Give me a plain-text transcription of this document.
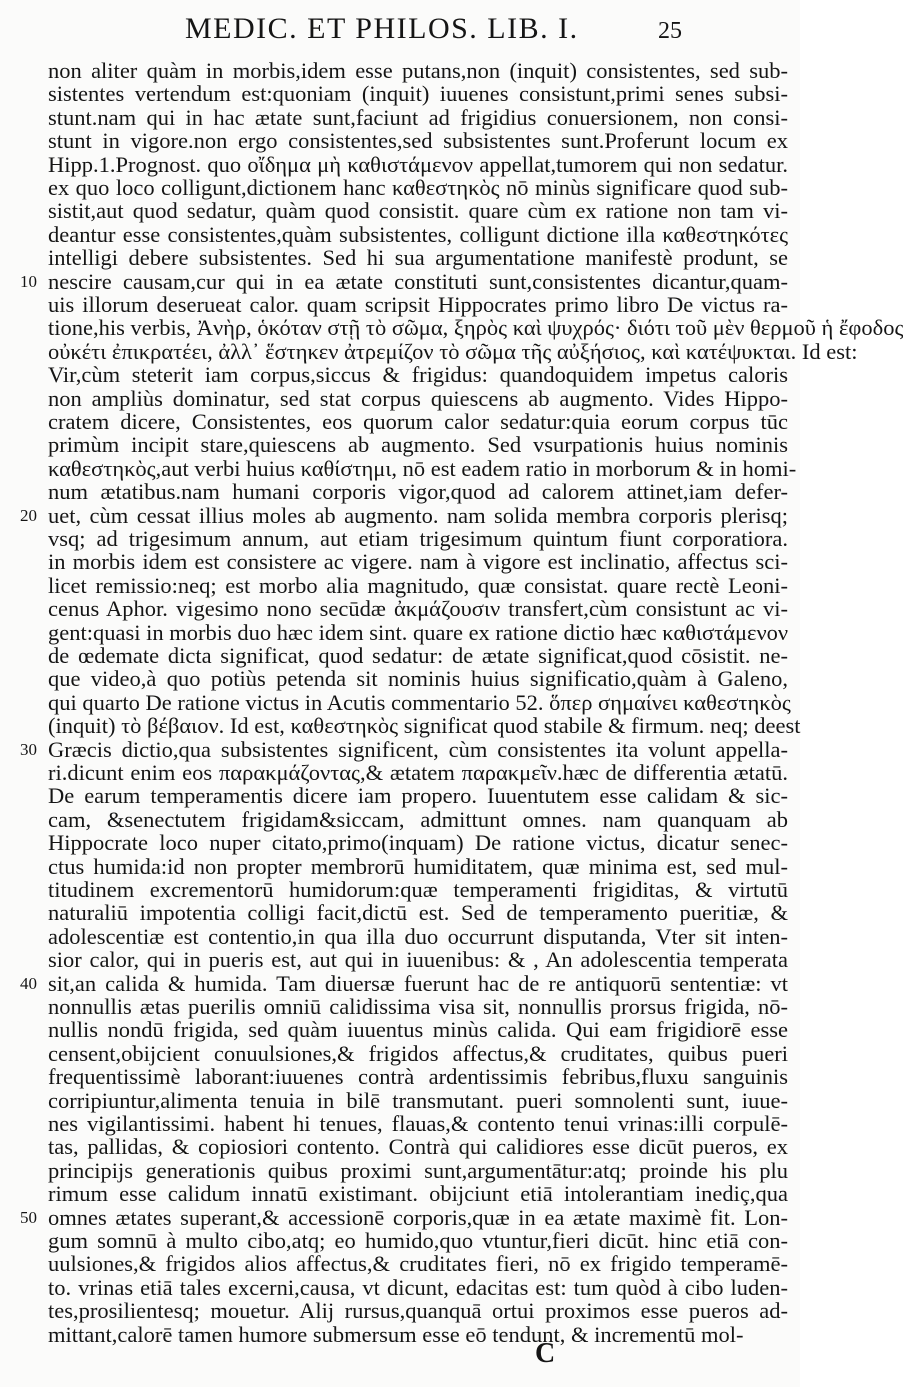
MEDIC. ET PHILOS. LIB. I.	25
non aliter quàm in morbis,idem esse putans,non (inquit) consistentes, sed sub-
sistentes vertendum est:quoniam (inquit) iuuenes consistunt,primi senes subsi-
stunt.nam qui in hac ætate sunt,faciunt ad frigidius conuersionem, non consi-
stunt in vigore.non ergo consistentes,sed subsistentes sunt.Proferunt locum ex
Hipp.1.Prognost. quo οἴδημα μὴ καθιστάμενον appellat,tumorem qui non sedatur.
ex quo loco colligunt,dictionem hanc καθεστηκὸς nō minùs significare quod sub-
sistit,aut quod sedatur, quàm quod consistit. quare cùm ex ratione non tam vi-
deantur esse consistentes,quàm subsistentes, colligunt dictione illa καθεστηκότες
intelligi debere subsistentes. Sed hi sua argumentatione manifestè produnt, se
nescire causam,cur qui in ea ætate constituti sunt,consistentes dicantur,quam-
uis illorum deserueat calor. quam scripsit Hippocrates primo libro De victus ra-
tione,his verbis, Ἀνὴρ, ὁκόταν στῇ τὸ σῶμα, ξηρὸς καὶ ψυχρός· διότι τοῦ μὲν θερμοῦ ἡ ἔφοδος
οὐκέτι ἐπικρατέει, ἀλλ᾽ ἕστηκεν ἀτρεμίζον τὸ σῶμα τῆς αὐξήσιος, καὶ κατέψυκται. Id est:
Vir,cùm steterit iam corpus,siccus & frigidus: quandoquidem impetus caloris
non ampliùs dominatur, sed stat corpus quiescens ab augmento. Vides Hippo-
cratem dicere, Consistentes, eos quorum calor sedatur:quia eorum corpus tūc
primùm incipit stare,quiescens ab augmento. Sed vsurpationis huius nominis
καθεστηκὸς,aut verbi huius καθίστημι, nō est eadem ratio in morborum & in homi-
num ætatibus.nam humani corporis vigor,quod ad calorem attinet,iam defer-
uet, cùm cessat illius moles ab augmento. nam solida membra corporis plerisq;
vsq; ad trigesimum annum, aut etiam trigesimum quintum fiunt corporatiora.
in morbis idem est consistere ac vigere. nam à vigore est inclinatio, affectus sci-
licet remissio:neq; est morbo alia magnitudo, quæ consistat. quare rectè Leoni-
cenus Aphor. vigesimo nono secūdæ ἀκμάζουσιν transfert,cùm consistunt ac vi-
gent:quasi in morbis duo hæc idem sint. quare ex ratione dictio hæc καθιστάμενον
de œdemate dicta significat, quod sedatur: de ætate significat,quod cōsistit. ne-
que video,à quo potiùs petenda sit nominis huius significatio,quàm à Galeno,
qui quarto De ratione victus in Acutis commentario 52. ὅπερ σημαίνει καθεστηκὸς
(inquit) τὸ βέβαιον. Id est, καθεστηκὸς significat quod stabile & firmum. neq; deest
Græcis dictio,qua subsistentes significent, cùm consistentes ita volunt appella-
ri.dicunt enim eos παρακμάζοντας,& ætatem παρακμεῖν.hæc de differentia ætatū.
De earum temperamentis dicere iam propero. Iuuentutem esse calidam & sic-
cam, &senectutem frigidam&siccam, admittunt omnes. nam quanquam ab
Hippocrate loco nuper citato,primo(inquam) De ratione victus, dicatur senec-
ctus humida:id non propter membrorū humiditatem, quæ minima est, sed mul-
titudinem excrementorū humidorum:quæ temperamenti frigiditas, & virtutū
naturaliū impotentia colligi facit,dictū est. Sed de temperamento pueritiæ, &
adolescentiæ est contentio,in qua illa duo occurrunt disputanda, Vter sit inten-
sior calor, qui in pueris est, aut qui in iuuenibus: & , An adolescentia temperata
sit,an calida & humida. Tam diuersæ fuerunt hac de re antiquorū sententiæ: vt
nonnullis ætas puerilis omniū calidissima visa sit, nonnullis prorsus frigida, nō-
nullis nondū frigida, sed quàm iuuentus minùs calida. Qui eam frigidiorē esse
censent,obijcient conuulsiones,& frigidos affectus,& cruditates, quibus pueri
frequentissimè laborant:iuuenes contrà ardentissimis febribus,fluxu sanguinis
corripiuntur,alimenta tenuia in bilē transmutant. pueri somnolenti sunt, iuue-
nes vigilantissimi. habent hi tenues, flauas,& contento tenui vrinas:illi corpulē-
tas, pallidas, & copiosiori contento. Contrà qui calidiores esse dicūt pueros, ex
principijs generationis quibus proximi sunt,argumentātur:atq; proinde his plu
rimum esse calidum innatū existimant. obijciunt etiā intolerantiam inediç,qua
omnes ætates superant,& accessionē corporis,quæ in ea ætate maximè fit. Lon-
gum somnū à multo cibo,atq; eo humido,quo vtuntur,fieri dicūt. hinc etiā con-
uulsiones,& frigidos alios affectus,& cruditates fieri, nō ex frigido temperamē-
to. vrinas etiā tales excerni,causa, vt dicunt, edacitas est: tum quòd à cibo luden-
tes,prosilientesq; mouetur. Alij rursus,quanquā ortui proximos esse pueros ad-
mittant,calorē tamen humore submersum esse eō tendunt, & incrementū mol-
10
20
30
40
50
C
